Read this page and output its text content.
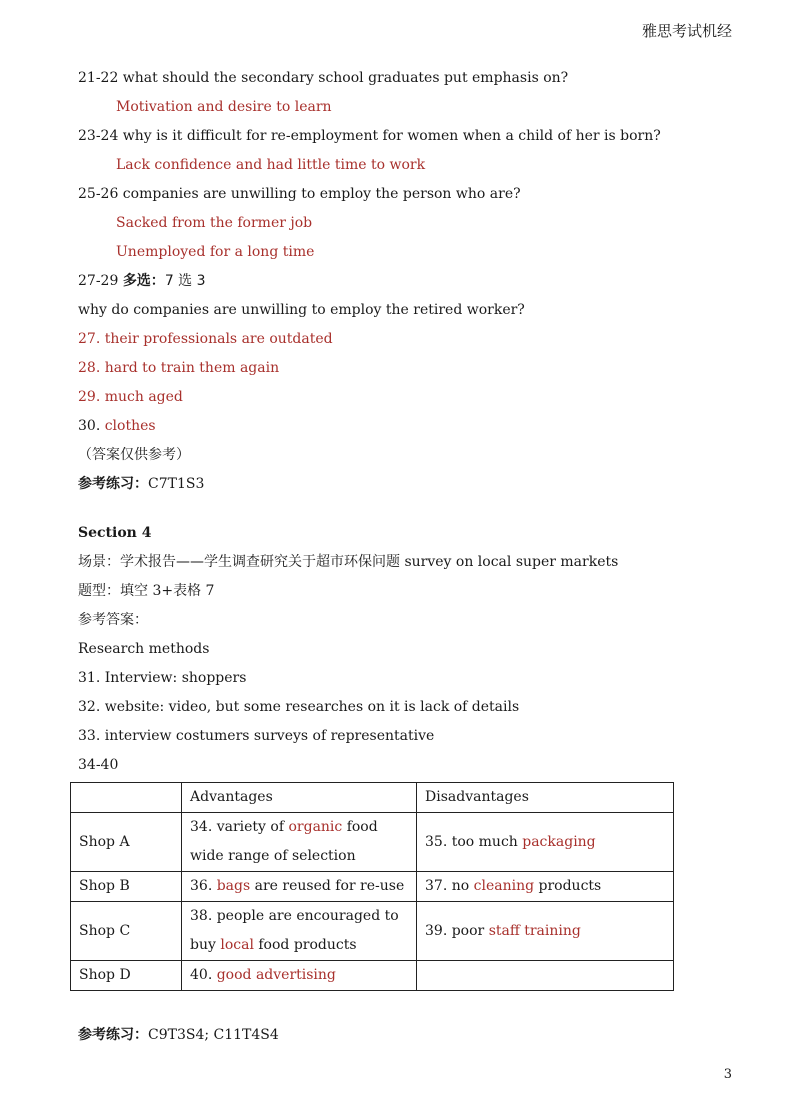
雅思考试机经
21-22 what should the secondary school graduates put emphasis on?
Motivation and desire to learn
23-24 why is it difficult for re-employment for women when a child of her is born?
Lack confidence and had little time to work
25-26 companies are unwilling to employ the person who are?
Sacked from the former job
Unemployed for a long time
27-29 多选：7 选 3
why do companies are unwilling to employ the retired worker?
27. their professionals are outdated
28. hard to train them again
29. much aged
30. clothes
（答案仅供参考）
参考练习：C7T1S3
Section 4
场景：学术报告——学生调查研究关于超市环保问题 survey on local super markets
题型：填空 3+表格 7
参考答案：
Research methods
31. Interview: shoppers
32. website: video, but some researches on it is lack of details
33. interview costumers surveys of representative
34-40
	Advantages	Disadvantages
Shop A	34. variety of organic food wide range of selection	35. too much packaging
Shop B	36. bags are reused for re-use	37. no cleaning products
Shop C	38. people are encouraged to buy local food products	39. poor staff training
Shop D	40. good advertising	
参考练习：C9T3S4; C11T4S4
3
